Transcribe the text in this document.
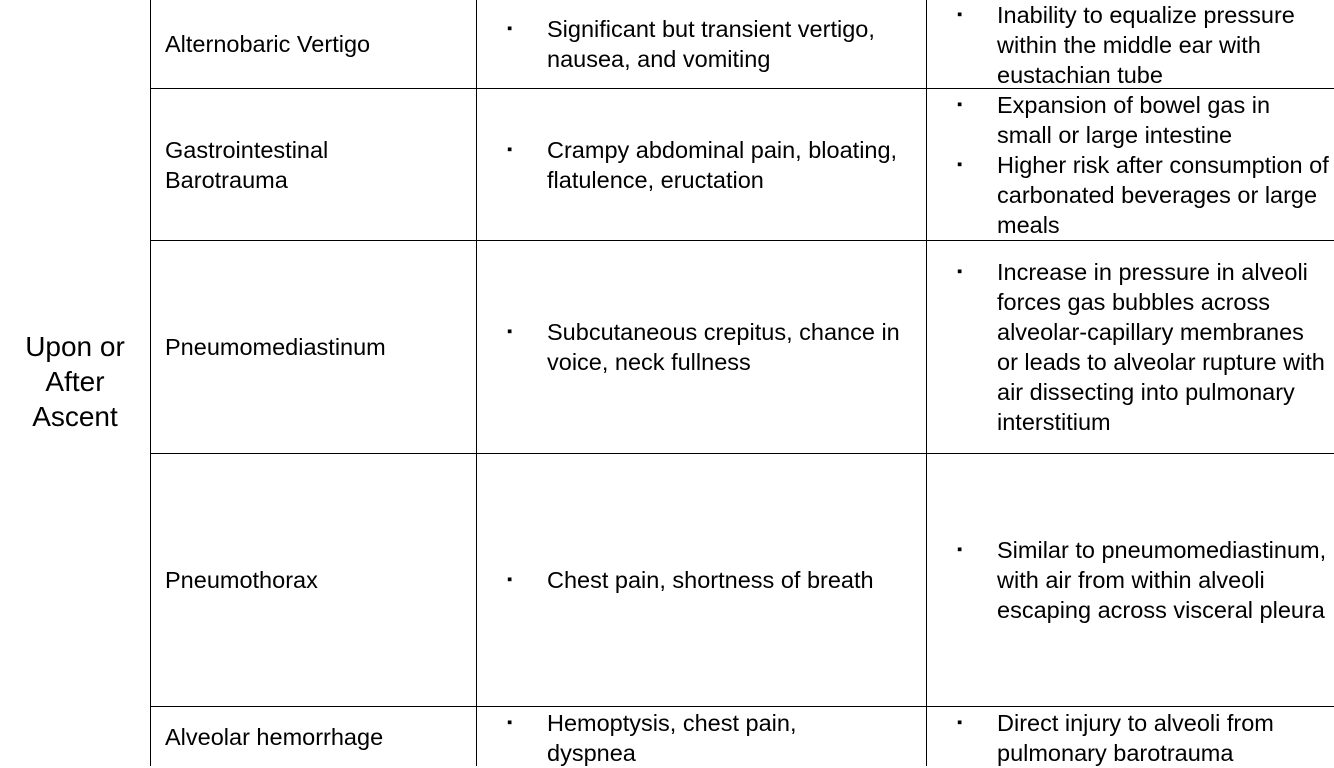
Upon or After Ascent
Alternobaric Vertigo
▪ Significant but transient vertigo, nausea, and vomiting
▪ Inability to equalize pressure within the middle ear with eustachian tube
Gastrointestinal Barotrauma
▪ Crampy abdominal pain, bloating, flatulence, eructation
▪ Expansion of bowel gas in small or large intestine
▪ Higher risk after consumption of carbonated beverages or large meals
Pneumomediastinum
▪ Subcutaneous crepitus, chance in voice, neck fullness
▪ Increase in pressure in alveoli forces gas bubbles across alveolar-capillary membranes or leads to alveolar rupture with air dissecting into pulmonary interstitium
Pneumothorax
▪	Chest pain, shortness of breath
▪ Similar to pneumomediastinum, with air from within alveoli escaping across visceral pleura
Alveolar hemorrhage
▪ Hemoptysis, chest pain, dyspnea
▪ Direct injury to alveoli from pulmonary barotrauma
